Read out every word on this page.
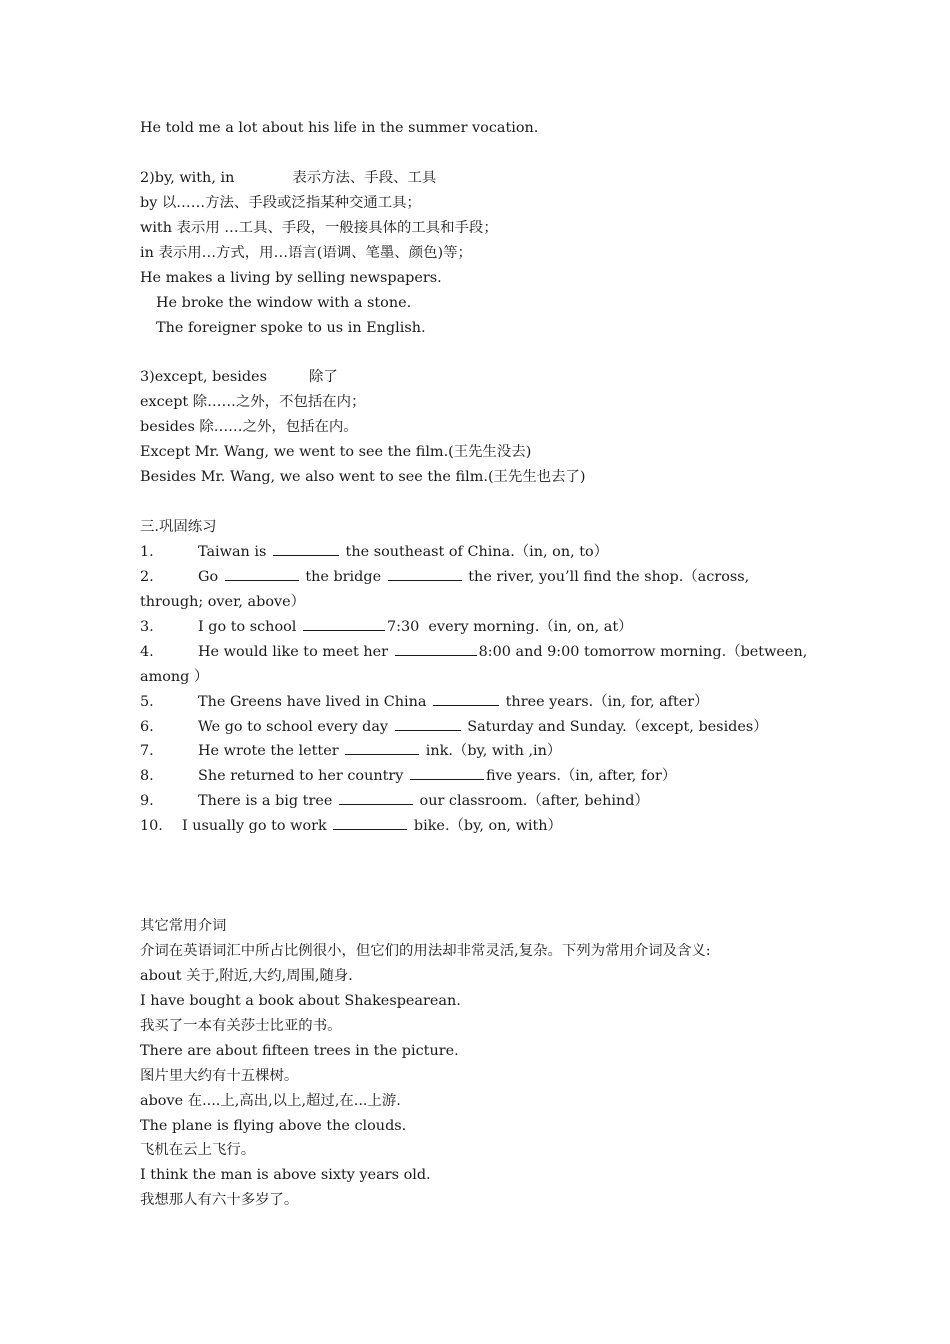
He told me a lot about his life in the summer vocation.
2)by, with, in	表示方法、手段、工具
by 以……方法、手段或泛指某种交通工具；
with 表示用 …工具、手段，一般接具体的工具和手段；
in 表示用…方式，用…语言(语调、笔墨、颜色)等；
He makes a living by selling newspapers.
He broke the window with a stone.
The foreigner spoke to us in English.
3)except, besides	除了
except 除……之外，不包括在内；
besides 除……之外，包括在内。
Except Mr. Wang, we went to see the film.(王先生没去)
Besides Mr. Wang, we also went to see the film.(王先生也去了)
三.巩固练习
1.	Taiwan is	the southeast of China.（in, on, to）
2.	Go	the bridge	the river, you’ll find the shop.（across,
through; over, above）
3.	I go to school	7:30  every morning.（in, on, at）
4.	He would like to meet her	8:00 and 9:00 tomorrow morning.（between,
among ）
5.	The Greens have lived in China	three years.（in, for, after）
6.	We go to school every day	Saturday and Sunday.（except, besides）
7.	He wrote the letter	ink.（by, with ,in）
8.	She returned to her country	five years.（in, after, for）
9.	There is a big tree	our classroom.（after, behind）
10. I usually go to work	bike.（by, on, with）
其它常用介词
介词在英语词汇中所占比例很小，但它们的用法却非常灵活,复杂。下列为常用介词及含义:
about 关于,附近,大约,周围,随身.
I have bought a book about Shakespearean.
我买了一本有关莎士比亚的书。
There are about fifteen trees in the picture.
图片里大约有十五棵树。
above 在....上,高出,以上,超过,在...上游.
The plane is flying above the clouds.
飞机在云上飞行。
I think the man is above sixty years old.
我想那人有六十多岁了。
